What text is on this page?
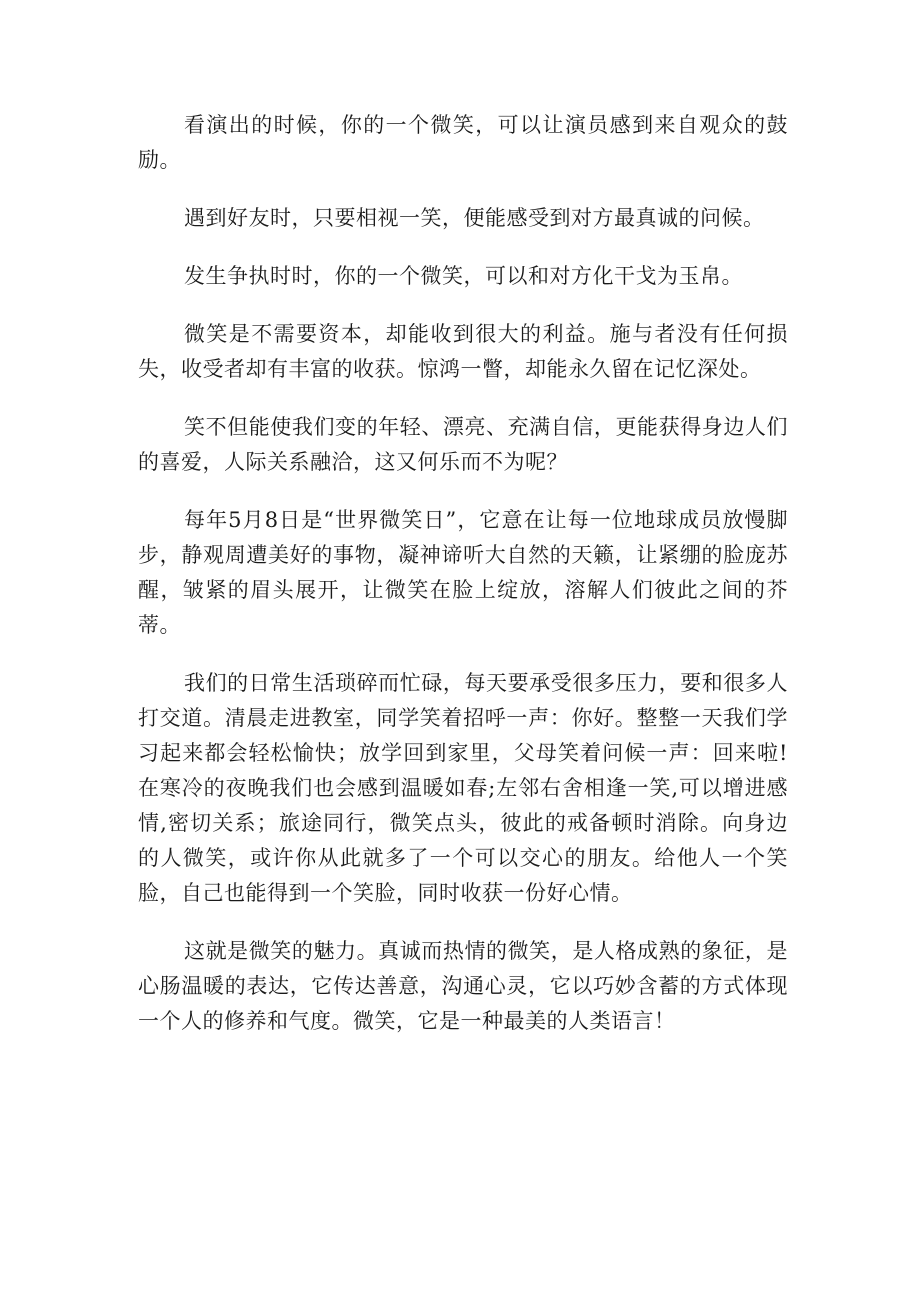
看演出的时候，你的一个微笑，可以让演员感到来自观众的鼓励。

遇到好友时，只要相视一笑，便能感受到对方最真诚的问候。

发生争执时时，你的一个微笑，可以和对方化干戈为玉帛。

微笑是不需要资本，却能收到很大的利益。施与者没有任何损失，收受者却有丰富的收获。惊鸿一瞥，却能永久留在记忆深处。

笑不但能使我们变的年轻、漂亮、充满自信，更能获得身边人们的喜爱，人际关系融洽，这又何乐而不为呢？

每年5月8日是“世界微笑日”，它意在让每一位地球成员放慢脚步，静观周遭美好的事物，凝神谛听大自然的天籁，让紧绷的脸庞苏醒，皱紧的眉头展开，让微笑在脸上绽放，溶解人们彼此之间的芥蒂。

我们的日常生活琐碎而忙碌，每天要承受很多压力，要和很多人打交道。清晨走进教室，同学笑着招呼一声：你好。整整一天我们学习起来都会轻松愉快；放学回到家里，父母笑着问候一声：回来啦!在寒冷的夜晚我们也会感到温暖如春;左邻右舍相逢一笑,可以增进感情,密切关系；旅途同行，微笑点头，彼此的戒备顿时消除。向身边的人微笑，或许你从此就多了一个可以交心的朋友。给他人一个笑脸，自己也能得到一个笑脸，同时收获一份好心情。

这就是微笑的魅力。真诚而热情的微笑，是人格成熟的象征，是心肠温暖的表达，它传达善意，沟通心灵，它以巧妙含蓄的方式体现一个人的修养和气度。微笑，它是一种最美的人类语言！
